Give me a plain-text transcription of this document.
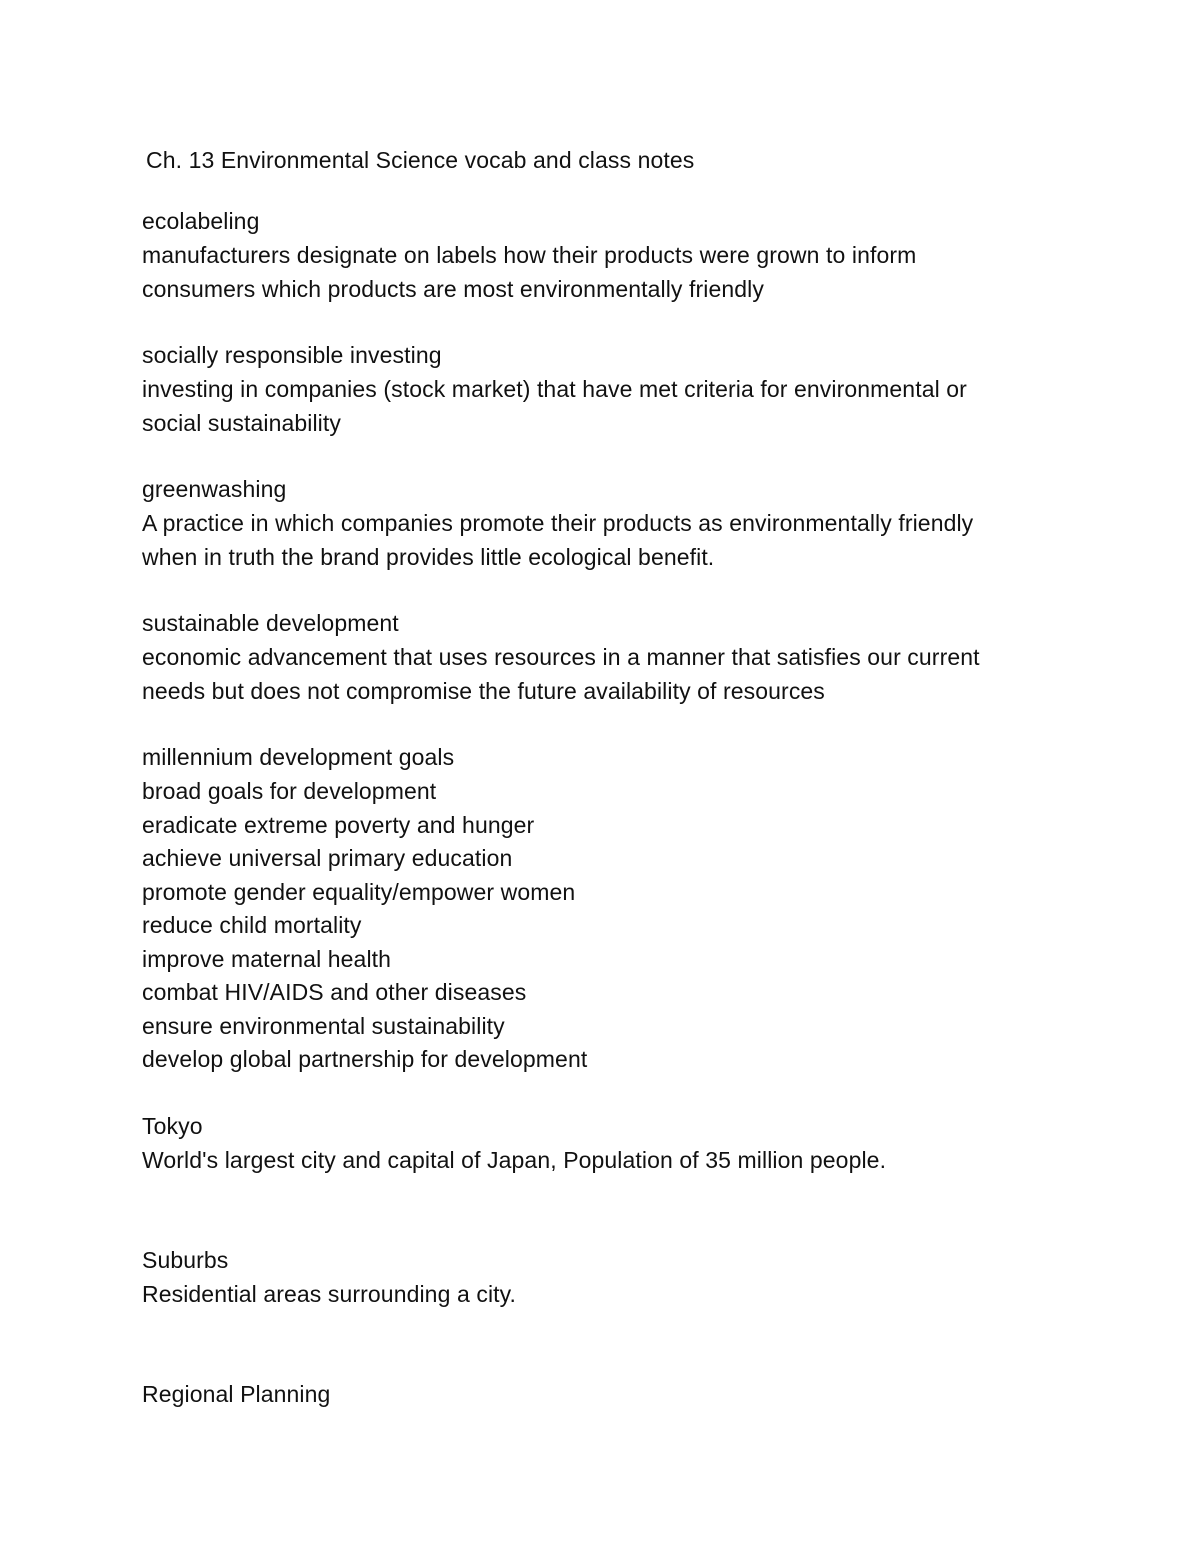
Ch. 13 Environmental Science vocab and class notes
ecolabeling
manufacturers designate on labels how their products were grown to inform
consumers which products are most environmentally friendly
socially responsible investing
investing in companies (stock market) that have met criteria for environmental or
social sustainability
greenwashing
A practice in which companies promote their products as environmentally friendly
when in truth the brand provides little ecological benefit.
sustainable development
economic advancement that uses resources in a manner that satisfies our current
needs but does not compromise the future availability of resources
millennium development goals
broad goals for development
eradicate extreme poverty and hunger
achieve universal primary education
promote gender equality/empower women
reduce child mortality
improve maternal health
combat HIV/AIDS and other diseases
ensure environmental sustainability
develop global partnership for development
Tokyo
World's largest city and capital of Japan, Population of 35 million people.
Suburbs
Residential areas surrounding a city.
Regional Planning
